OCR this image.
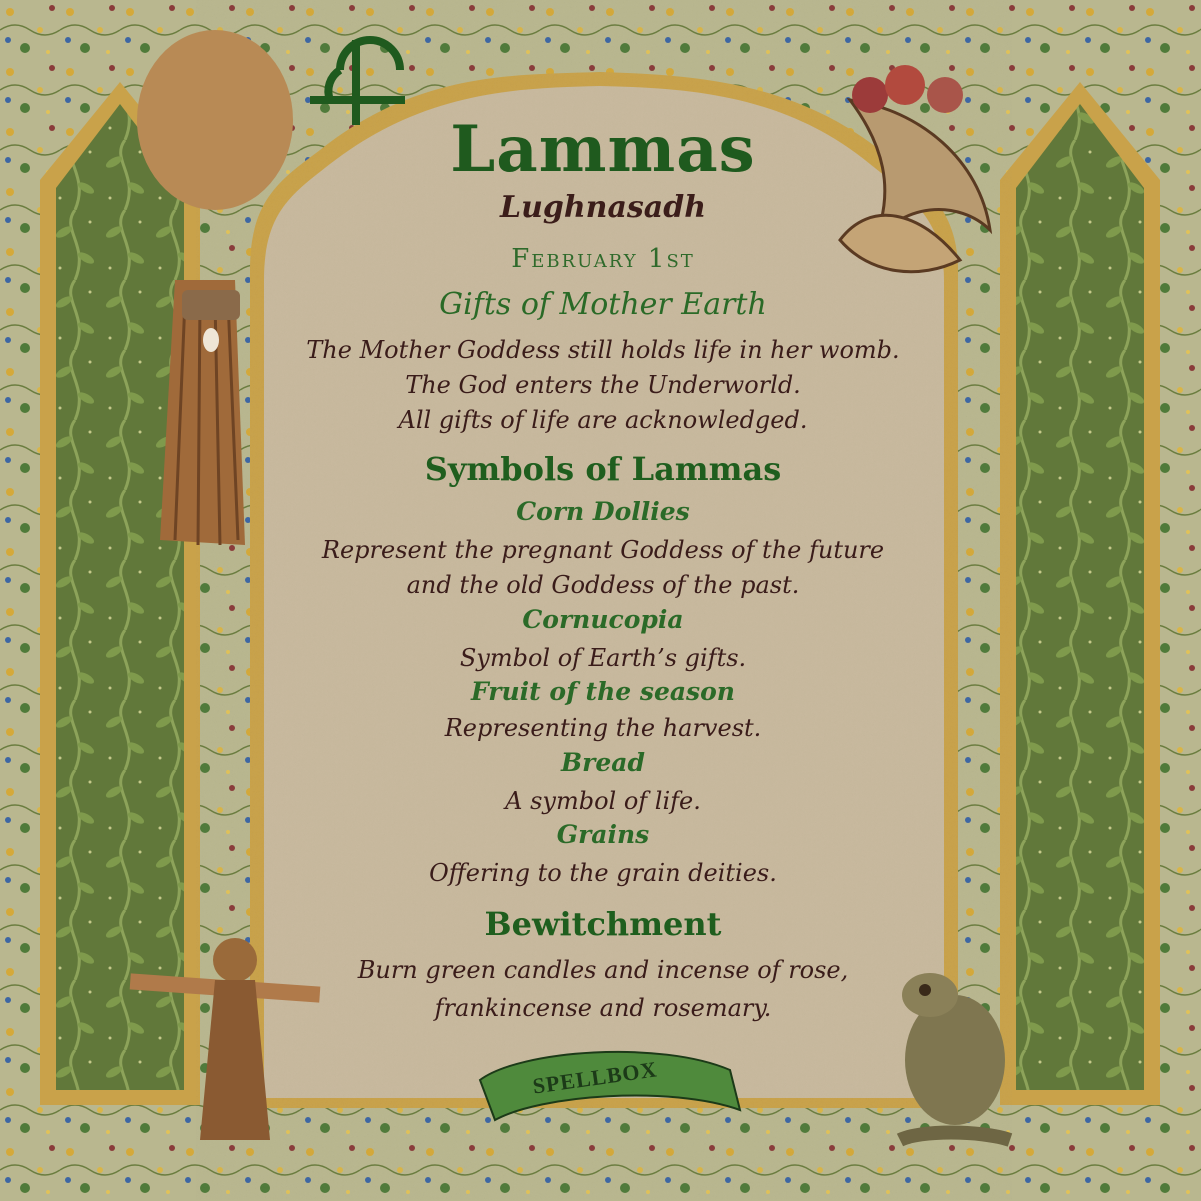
Lammas
Lughnasadh
February 1st
Gifts of Mother Earth
The Mother Goddess still holds life in her womb.
The God enters the Underworld.
All gifts of life are acknowledged.
Symbols of Lammas
Corn Dollies
Represent the pregnant Goddess of the future
and the old Goddess of the past.
Cornucopia
Symbol of Earth’s gifts.
Fruit of the season
Representing the harvest.
Bread
A symbol of life.
Grains
Offering to the grain deities.
Bewitchment
Burn green candles and incense of rose,
frankincense and rosemary.
SPELLBOX
